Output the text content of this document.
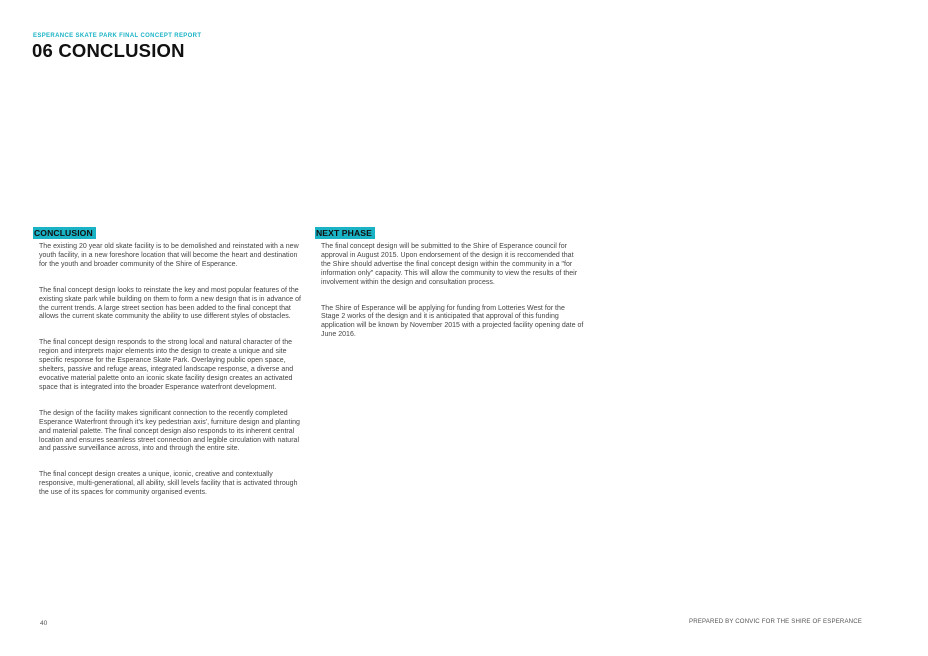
ESPERANCE SKATE PARK FINAL CONCEPT REPORT
06 CONCLUSION
CONCLUSION

The existing 20 year old skate facility is to be demolished and reinstated with a new youth facility, in a new foreshore location that will become the heart and destination for the youth and broader community of the Shire of Esperance.

The final concept design looks to reinstate the key and most popular features of the existing skate park while building on them to form a new design that is in advance of the current trends. A large street section has been added to the final concept that allows the current skate community the ability to use different styles of obstacles.

The final concept design responds to the strong local and natural character of the region and interprets major elements into the design to create a unique and site specific response for the Esperance Skate Park. Overlaying public open space, shelters, passive and refuge areas, integrated landscape response, a diverse and evocative material palette onto an iconic skate facility design creates an activated space that is integrated into the broader Esperance waterfront development.

The design of the facility makes significant connection to the recently completed Esperance Waterfront through it's key pedestrian axis', furniture design and planting and material palette. The final concept design also responds to its inherent central location and ensures seamless street connection and legible circulation with natural and passive surveillance across, into and through the entire site.

The final concept design creates a unique, iconic, creative and contextually responsive, multi-generational, all ability, skill levels facility that is activated through the use of its spaces for community organised events.

NEXT PHASE

The final concept design will be submitted to the Shire of Esperance council for approval in August 2015. Upon endorsement of the design it is reccomended that the Shire should advertise the final concept design within the community in a "for information only" capacity. This will allow the community to view the results of their involvement within the design and consultation process.

The Shire of Esperance will be applying for funding from Lotteries West for the Stage 2 works of the design and it is anticipated that approval of this funding application will be known by November 2015 with a projected facility opening date of June 2016.

40	PREPARED BY CONVIC FOR THE SHIRE OF ESPERANCE
